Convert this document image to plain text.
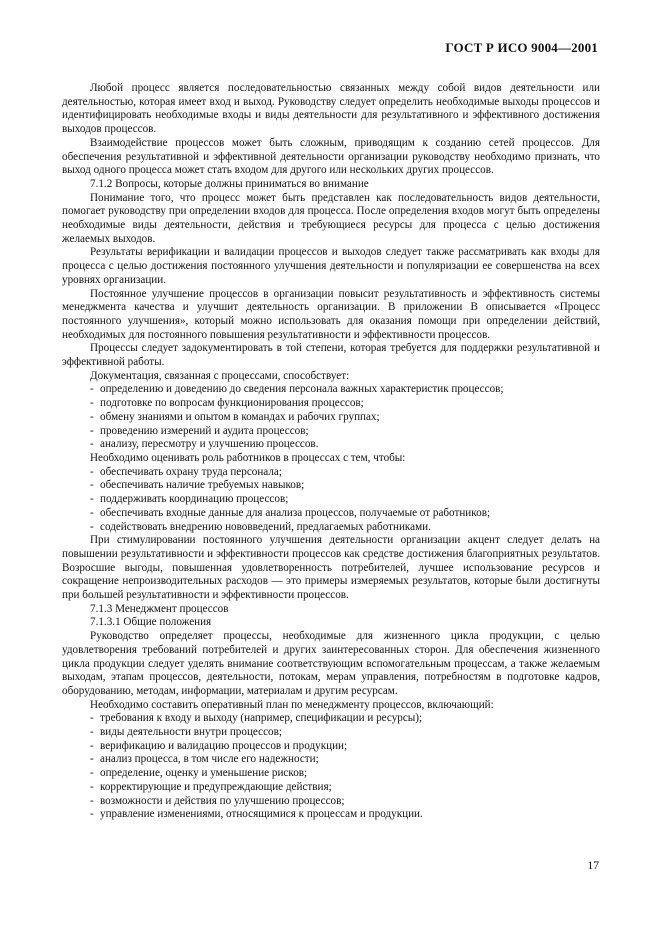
ГОСТ Р ИСО 9004—2001

Любой процесс является последовательностью связанных между собой видов деятельности или деятельностью, которая имеет вход и выход. Руководству следует определить необходимые выходы процессов и идентифицировать необходимые входы и виды деятельности для результативного и эффективного достижения выходов процессов.

Взаимодействие процессов может быть сложным, приводящим к созданию сетей процессов. Для обеспечения результативной и эффективной деятельности организации руководству необходимо признать, что выход одного процесса может стать входом для другого или нескольких других процессов.

7.1.2 Вопросы, которые должны приниматься во внимание

Понимание того, что процесс может быть представлен как последовательность видов деятельности, помогает руководству при определении входов для процесса. После определения входов могут быть определены необходимые виды деятельности, действия и требующиеся ресурсы для процесса с целью достижения желаемых выходов.

Результаты верификации и валидации процессов и выходов следует также рассматривать как входы для процесса с целью достижения постоянного улучшения деятельности и популяризации ее совершенства на всех уровнях организации.

Постоянное улучшение процессов в организации повысит результативность и эффективность системы менеджмента качества и улучшит деятельность организации. В приложении В описывается «Процесс постоянного улучшения», который можно использовать для оказания помощи при определении действий, необходимых для постоянного повышения результативности и эффективности процессов.

Процессы следует задокументировать в той степени, которая требуется для поддержки результативной и эффективной работы.

Документация, связанная с процессами, способствует:

- определению и доведению до сведения персонала важных характеристик процессов;
- подготовке по вопросам функционирования процессов;
- обмену знаниями и опытом в командах и рабочих группах;
- проведению измерений и аудита процессов;
- анализу, пересмотру и улучшению процессов.

Необходимо оценивать роль работников в процессах с тем, чтобы:

- обеспечивать охрану труда персонала;
- обеспечивать наличие требуемых навыков;
- поддерживать координацию процессов;
- обеспечивать входные данные для анализа процессов, получаемые от работников;
- содействовать внедрению нововведений, предлагаемых работниками.

При стимулировании постоянного улучшения деятельности организации акцент следует делать на повышении результативности и эффективности процессов как средстве достижения благоприятных результатов. Возросшие выгоды, повышенная удовлетворенность потребителей, лучшее использование ресурсов и сокращение непроизводительных расходов — это примеры измеряемых результатов, которые были достигнуты при большей результативности и эффективности процессов.

7.1.3 Менеджмент процессов

7.1.3.1 Общие положения

Руководство определяет процессы, необходимые для жизненного цикла продукции, с целью удовлетворения требований потребителей и других заинтересованных сторон. Для обеспечения жизненного цикла продукции следует уделять внимание соответствующим вспомогательным процессам, а также желаемым выходам, этапам процессов, деятельности, потокам, мерам управления, потребностям в подготовке кадров, оборудованию, методам, информации, материалам и другим ресурсам.

Необходимо составить оперативный план по менеджменту процессов, включающий:

- требования к входу и выходу (например, спецификации и ресурсы);
- виды деятельности внутри процессов;
- верификацию и валидацию процессов и продукции;
- анализ процесса, в том числе его надежности;
- определение, оценку и уменьшение рисков;
- корректирующие и предупреждающие действия;
- возможности и действия по улучшению процессов;
- управление изменениями, относящимися к процессам и продукции.
17
